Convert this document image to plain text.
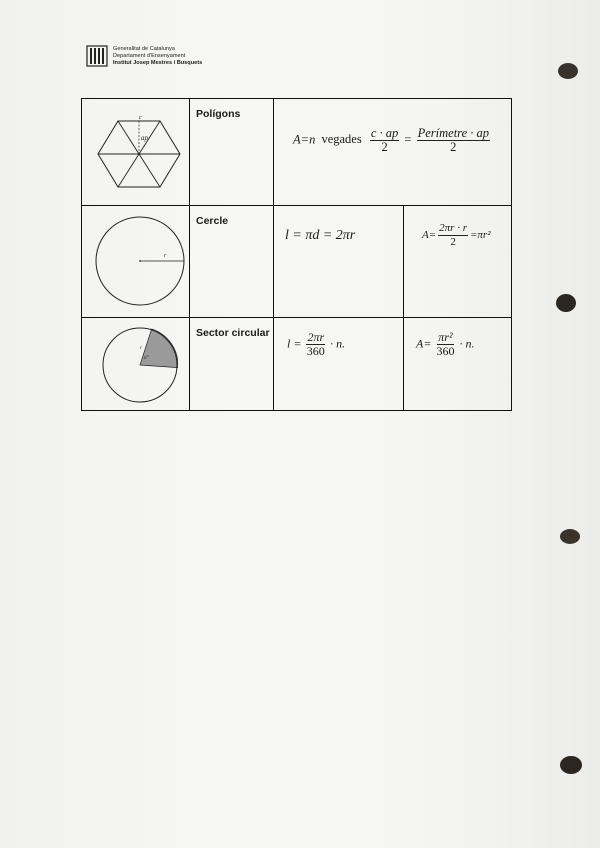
Generalitat de Catalunya
Departament d'Ensenyament
Institut Josep Mestres i Busquets
c
ap
Polígons
A=n vegades $\frac{c \cdot ap}{2} = \frac{\text{Perímetre · ap}}{2}$
r
Cercle
l = πd = 2πr	$A= \frac{2\pi r \cdot r}{2} =\pi r^2$
r
n°
Sector circular
$l = \frac{2\pi r}{360} \cdot n$.	$A= \frac{\text{πr²}}{360} \cdot n$.
